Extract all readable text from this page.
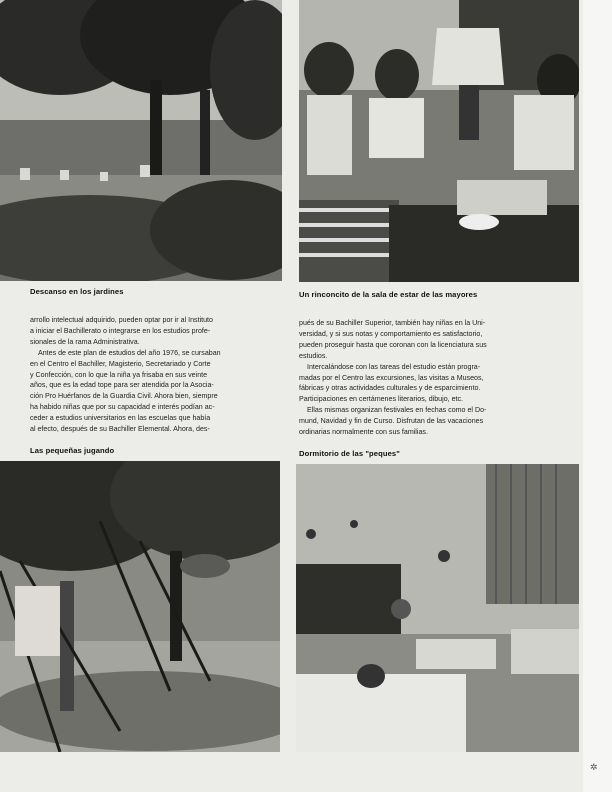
Descanso en los jardines	Un rinconcito de la sala de estar de las mayores

arrollo intelectual adquirido, pueden optar por ir al Instituto

a iniciar el Bachillerato o integrarse en los estudios profe-

sionales de la rama Administrativa.

Antes de este plan de estudios del año 1976, se cursaban

en el Centro el Bachiller, Magisterio, Secretariado y Corte

y Confección, con lo que la niña ya frisaba en sus veinte

años, que es la edad tope para ser atendida por la Asocia-

ción Pro Huérfanos de la Guardia Civil. Ahora bien, siempre

ha habido niñas que por su capacidad e interés podían ac-

ceder a estudios universitarios en las escuelas que había

al efecto, después de su Bachiller Elemental. Ahora, des-

pués de su Bachiller Superior, también hay niñas en la Uni-

versidad, y si sus notas y comportamiento es satisfactorio,

pueden proseguir hasta que coronan con la licenciatura sus

estudios.

Intercalándose con las tareas del estudio están progra-

madas por el Centro las excursiones, las visitas a Museos,

fábricas y otras actividades culturales y de esparcimiento.

Participaciones en certámenes literarios, dibujo, etc.

Ellas mismas organizan festivales en fechas como el Do-

mund, Navidad y fin de Curso. Disfrutan de las vacaciones

ordinarias normalmente con sus familias.

Las pequeñas jugando	Dormitorio de las "peques"
✲
